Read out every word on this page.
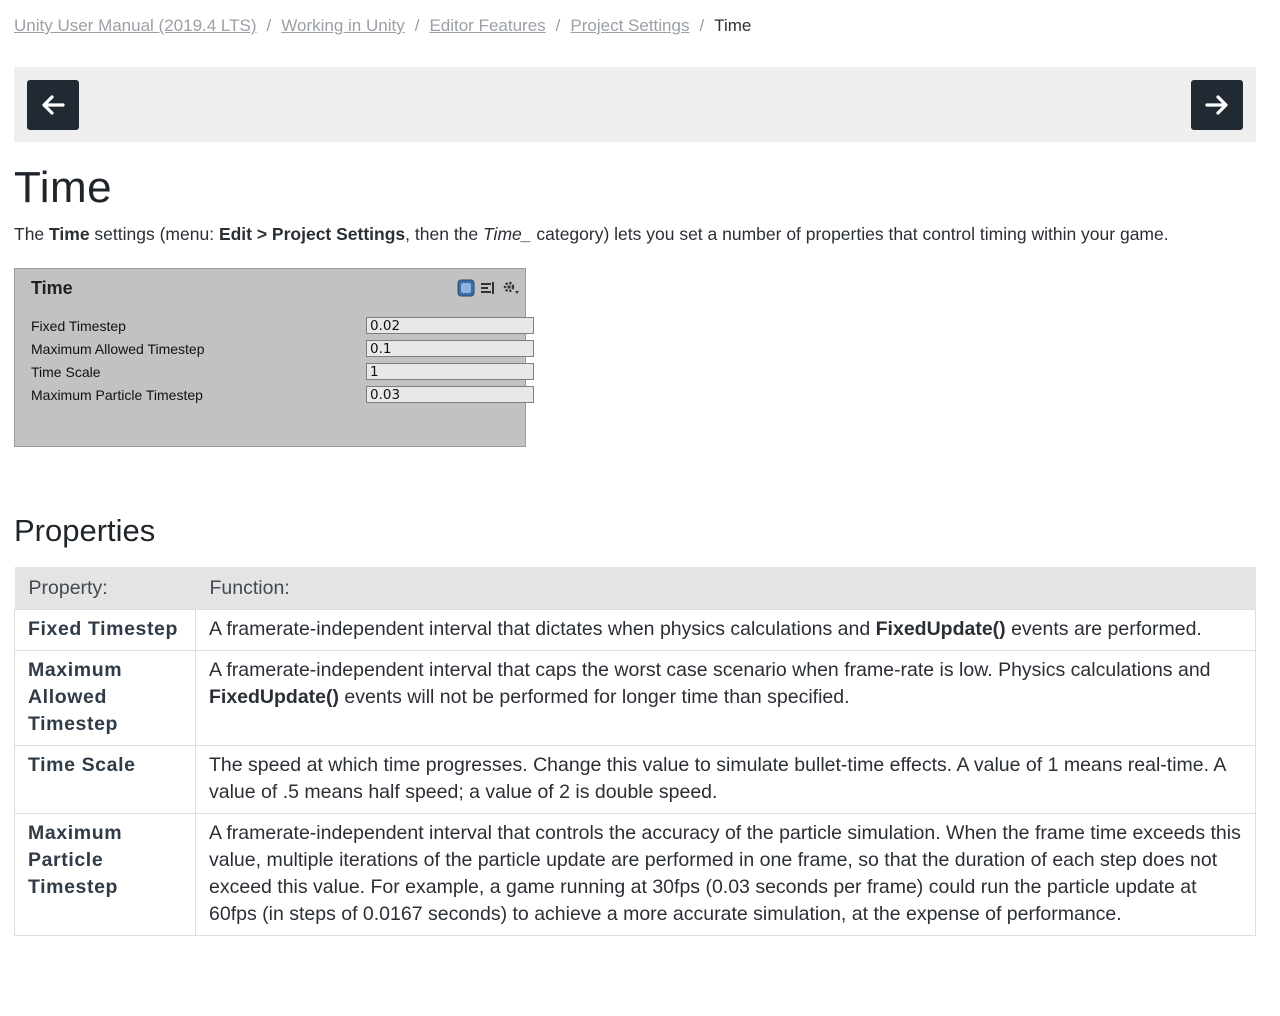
Unity User Manual (2019.4 LTS) / Working in Unity / Editor Features / Project Settings / Time
Time

The Time settings (menu: Edit > Project Settings, then the Time_ category) lets you set a number of properties that control timing within your game.

Time
Fixed Timestep	0.02
Maximum Allowed Timestep	0.1
Time Scale	1
Maximum Particle Timestep	0.03
Properties
Property:	Function:
Fixed Timestep	A framerate-independent interval that dictates when physics calculations and FixedUpdate() events are performed.
Maximum Allowed Timestep	A framerate-independent interval that caps the worst case scenario when frame-rate is low. Physics calculations and FixedUpdate() events will not be performed for longer time than specified.
Time Scale	The speed at which time progresses. Change this value to simulate bullet-time effects. A value of 1 means real-time. A value of .5 means half speed; a value of 2 is double speed.
Maximum Particle Timestep	A framerate-independent interval that controls the accuracy of the particle simulation. When the frame time exceeds this value, multiple iterations of the particle update are performed in one frame, so that the duration of each step does not exceed this value. For example, a game running at 30fps (0.03 seconds per frame) could run the particle update at 60fps (in steps of 0.0167 seconds) to achieve a more accurate simulation, at the expense of performance.
